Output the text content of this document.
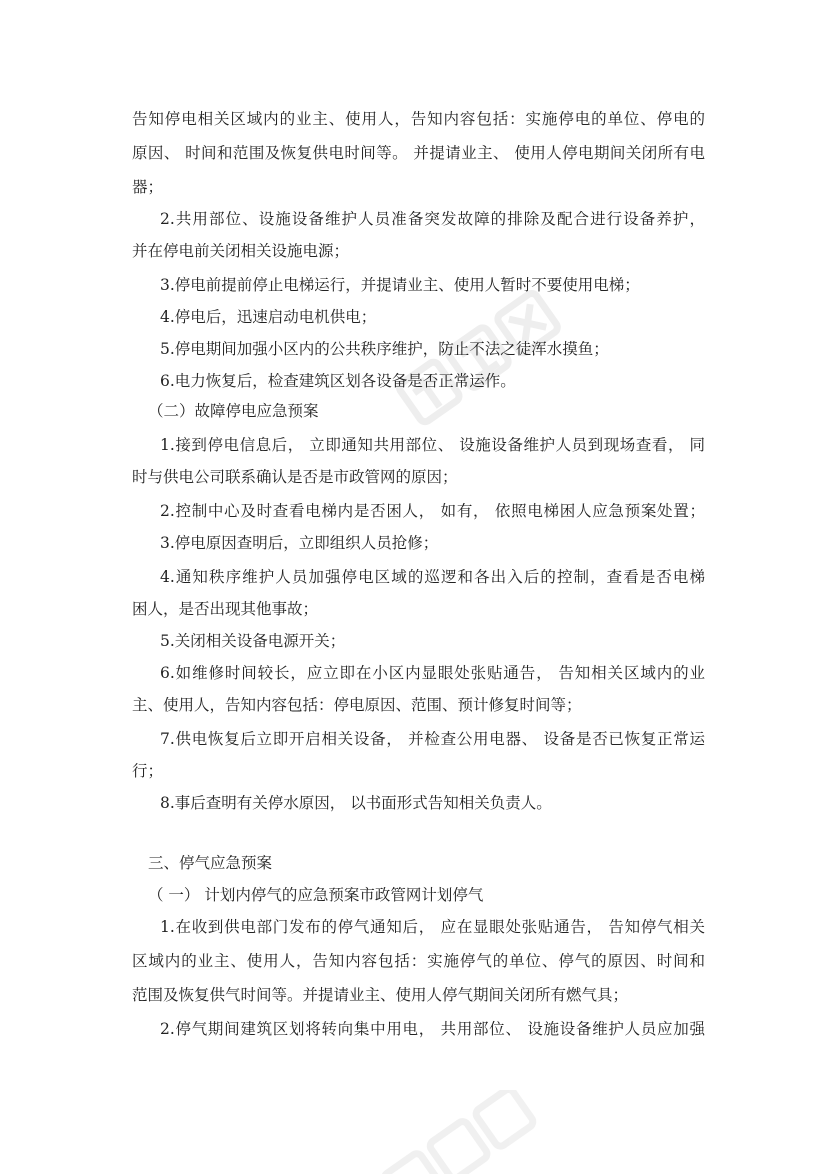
告知停电相关区域内的业主、使用人，告知内容包括：实施停电的单位、停电的
原因、 时间和范围及恢复供电时间等。 并提请业主、 使用人停电期间关闭所有电
器；
2.共用部位、设施设备维护人员准备突发故障的排除及配合进行设备养护，
并在停电前关闭相关设施电源；
3.停电前提前停止电梯运行，并提请业主、使用人暂时不要使用电梯；
4.停电后，迅速启动电机供电；
5.停电期间加强小区内的公共秩序维护，防止不法之徒浑水摸鱼；
6.电力恢复后，检查建筑区划各设备是否正常运作。
（二）故障停电应急预案
1.接到停电信息后， 立即通知共用部位、 设施设备维护人员到现场查看， 同
时与供电公司联系确认是否是市政管网的原因；
2.控制中心及时查看电梯内是否困人， 如有， 依照电梯困人应急预案处置；
3.停电原因查明后，立即组织人员抢修；
4.通知秩序维护人员加强停电区域的巡逻和各出入后的控制，查看是否电梯
困人，是否出现其他事故；
5.关闭相关设备电源开关；
6.如维修时间较长，应立即在小区内显眼处张贴通告， 告知相关区域内的业
主、使用人，告知内容包括：停电原因、范围、预计修复时间等；
7.供电恢复后立即开启相关设备， 并检查公用电器、 设备是否已恢复正常运
行；
8.事后查明有关停水原因， 以书面形式告知相关负责人。
三、停气应急预案
（ 一） 计划内停气的应急预案市政管网计划停气
1.在收到供电部门发布的停气通知后， 应在显眼处张贴通告， 告知停气相关
区域内的业主、使用人，告知内容包括：实施停气的单位、停气的原因、时间和
范围及恢复供气时间等。并提请业主、使用人停气期间关闭所有燃气具；
2.停气期间建筑区划将转向集中用电， 共用部位、 设施设备维护人员应加强
